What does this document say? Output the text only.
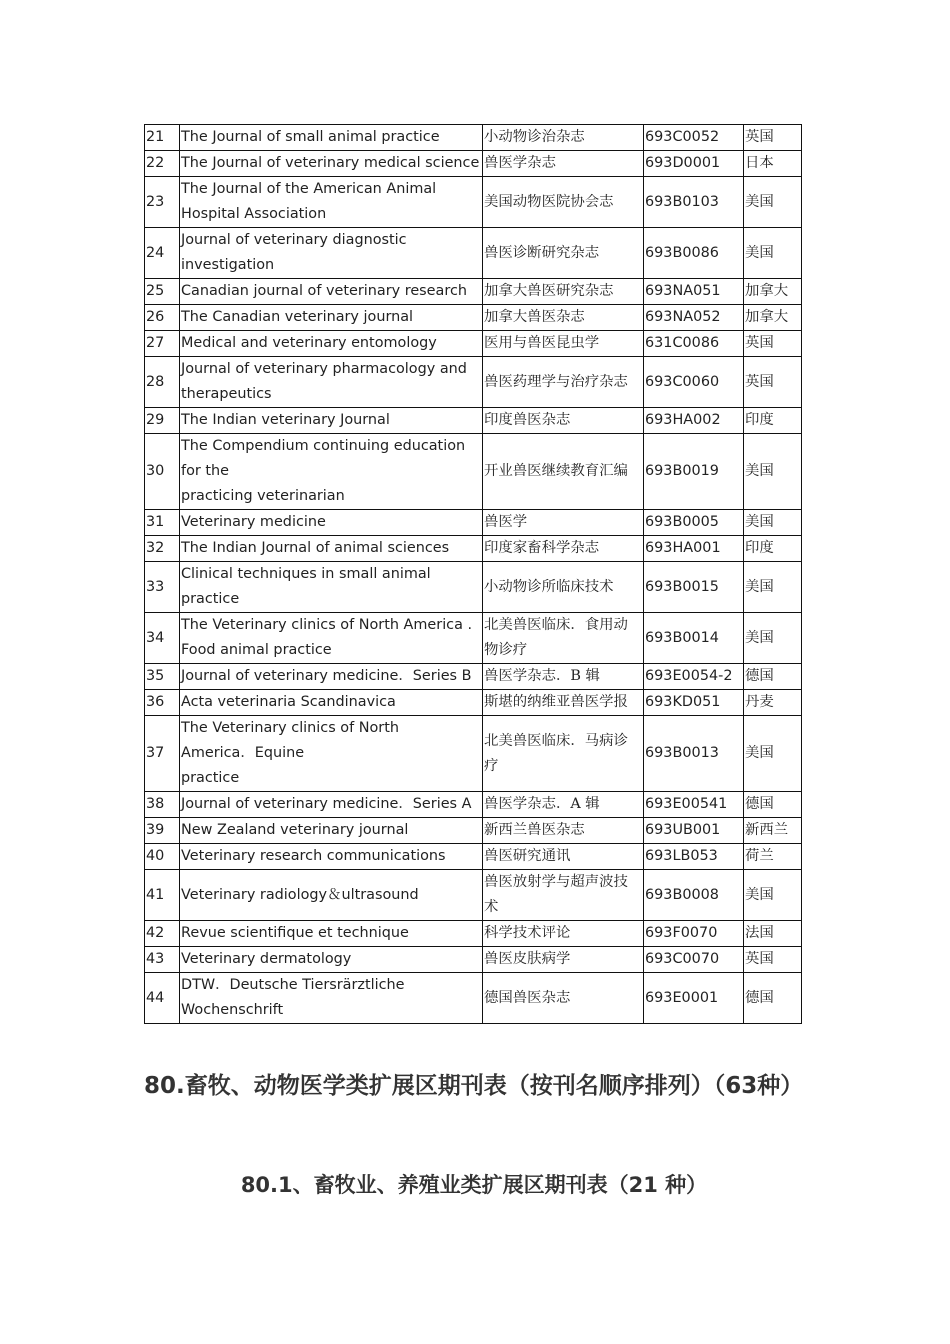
21	The Journal of small animal practice	小动物诊治杂志	693C0052	英国
22	The Journal of veterinary medical science	兽医学杂志	693D0001	日本
23	The Journal of the American Animal
Hospital Association	美国动物医院协会志	693B0103	美国
24	Journal of veterinary diagnostic
investigation	兽医诊断研究杂志	693B0086	美国
25	Canadian journal of veterinary research	加拿大兽医研究杂志	693NA051	加拿大
26	The Canadian veterinary journal	加拿大兽医杂志	693NA052	加拿大
27	Medical and veterinary entomology	医用与兽医昆虫学	631C0086	英国
28	Journal of veterinary pharmacology and
therapeutics	兽医药理学与治疗杂志	693C0060	英国
29	The Indian veterinary Journal	印度兽医杂志	693HA002	印度
30	The Compendium continuing education
for the
practicing veterinarian	开业兽医继续教育汇编	693B0019	美国
31	Veterinary medicine	兽医学	693B0005	美国
32	The Indian Journal of animal sciences	印度家畜科学杂志	693HA001	印度
33	Clinical techniques in small animal
practice	小动物诊所临床技术	693B0015	美国
34	The Veterinary clinics of North America .
Food animal practice	北美兽医临床．食用动物诊疗	693B0014	美国
35	Journal of veterinary medicine．Series B	兽医学杂志．B 辑	693E0054-2	德国
36	Acta veterinaria Scandinavica	斯堪的纳维亚兽医学报	693KD051	丹麦
37	The Veterinary clinics of North
America．Equine
practice	北美兽医临床．马病诊疗	693B0013	美国
38	Journal of veterinary medicine．Series A	兽医学杂志．A 辑	693E00541	德国
39	New Zealand veterinary journal	新西兰兽医杂志	693UB001	新西兰
40	Veterinary research communications	兽医研究通讯	693LB053	荷兰
41	Veterinary radiology＆ultrasound	兽医放射学与超声波技术	693B0008	美国
42	Revue scientifique et technique	科学技术评论	693F0070	法国
43	Veterinary dermatology	兽医皮肤病学	693C0070	英国
44	DTW．Deutsche Tiersrärztliche
Wochenschrift	德国兽医杂志	693E0001	德国
80.畜牧、动物医学类扩展区期刊表（按刊名顺序排列）（63种）
80.1、畜牧业、养殖业类扩展区期刊表（21 种）
